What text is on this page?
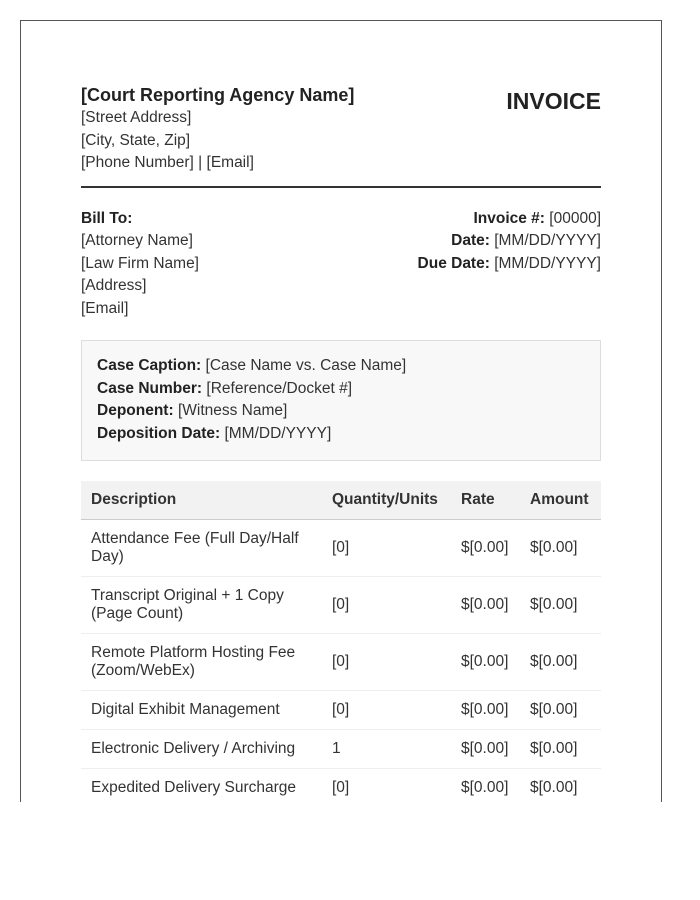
[Court Reporting Agency Name]
[Street Address]
[City, State, Zip]
[Phone Number] | [Email]
INVOICE
Bill To:
[Attorney Name]
[Law Firm Name]
[Address]
[Email]
Invoice #: [00000]
Date: [MM/DD/YYYY]
Due Date: [MM/DD/YYYY]
Case Caption: [Case Name vs. Case Name]
Case Number: [Reference/Docket #]
Deponent: [Witness Name]
Deposition Date: [MM/DD/YYYY]
Description	Quantity/Units	Rate	Amount
Attendance Fee (Full Day/Half Day)	[0]	$[0.00]	$[0.00]
Transcript Original + 1 Copy (Page Count)	[0]	$[0.00]	$[0.00]
Remote Platform Hosting Fee (Zoom/WebEx)	[0]	$[0.00]	$[0.00]
Digital Exhibit Management	[0]	$[0.00]	$[0.00]
Electronic Delivery / Archiving	1	$[0.00]	$[0.00]
Expedited Delivery Surcharge	[0]	$[0.00]	$[0.00]
